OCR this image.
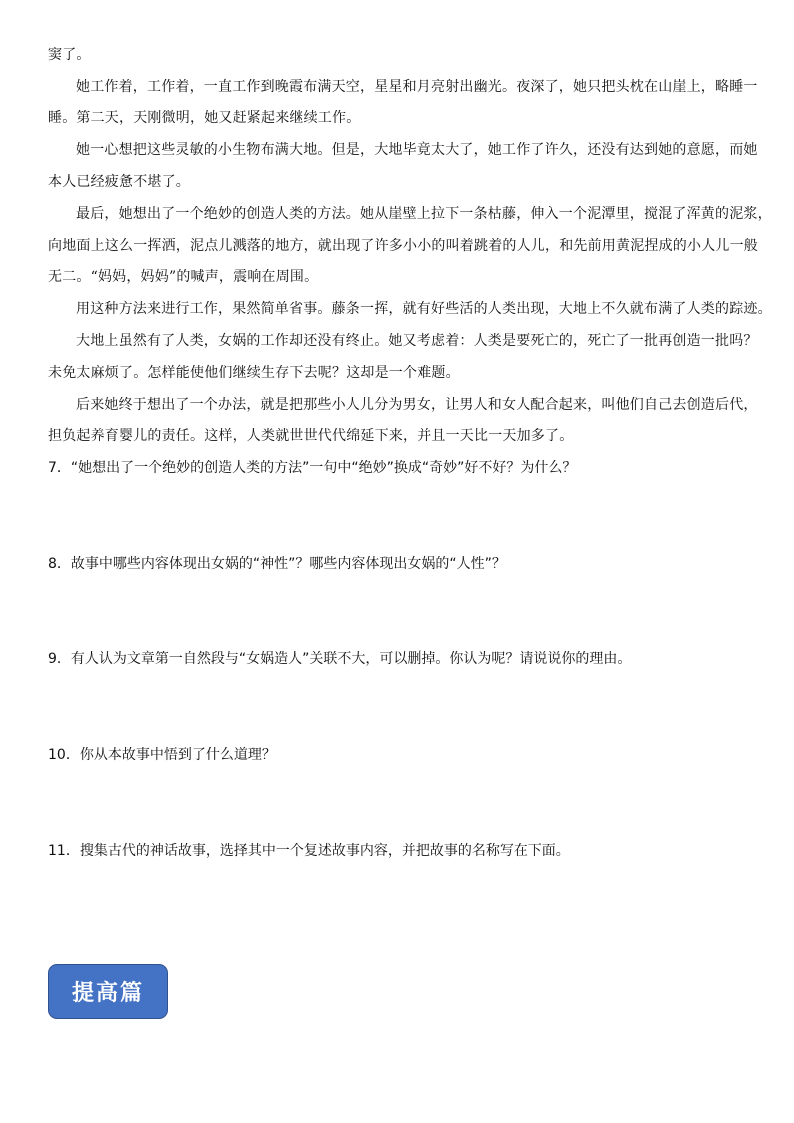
窦了。
她工作着，工作着，一直工作到晚霞布满天空，星星和月亮射出幽光。夜深了，她只把头枕在山崖上，略睡一
睡。第二天，天刚微明，她又赶紧起来继续工作。
她一心想把这些灵敏的小生物布满大地。但是，大地毕竟太大了，她工作了许久，还没有达到她的意愿，而她
本人已经疲惫不堪了。
最后，她想出了一个绝妙的创造人类的方法。她从崖壁上拉下一条枯藤，伸入一个泥潭里，搅混了浑黄的泥浆，
向地面上这么一挥洒，泥点儿溅落的地方，就出现了许多小小的叫着跳着的人儿，和先前用黄泥捏成的小人儿一般
无二。“妈妈，妈妈”的喊声，震响在周围。
用这种方法来进行工作，果然简单省事。藤条一挥，就有好些活的人类出现，大地上不久就布满了人类的踪迹。
大地上虽然有了人类，女娲的工作却还没有终止。她又考虑着：人类是要死亡的，死亡了一批再创造一批吗？
未免太麻烦了。怎样能使他们继续生存下去呢？这却是一个难题。
后来她终于想出了一个办法，就是把那些小人儿分为男女，让男人和女人配合起来，叫他们自己去创造后代，
担负起养育婴儿的责任。这样，人类就世世代代绵延下来，并且一天比一天加多了。
7．“她想出了一个绝妙的创造人类的方法”一句中“绝妙”换成“奇妙”好不好？为什么？
8．故事中哪些内容体现出女娲的“神性”？哪些内容体现出女娲的“人性”？
9．有人认为文章第一自然段与“女娲造人”关联不大，可以删掉。你认为呢？请说说你的理由。
10．你从本故事中悟到了什么道理？
11．搜集古代的神话故事，选择其中一个复述故事内容，并把故事的名称写在下面。
提高篇
